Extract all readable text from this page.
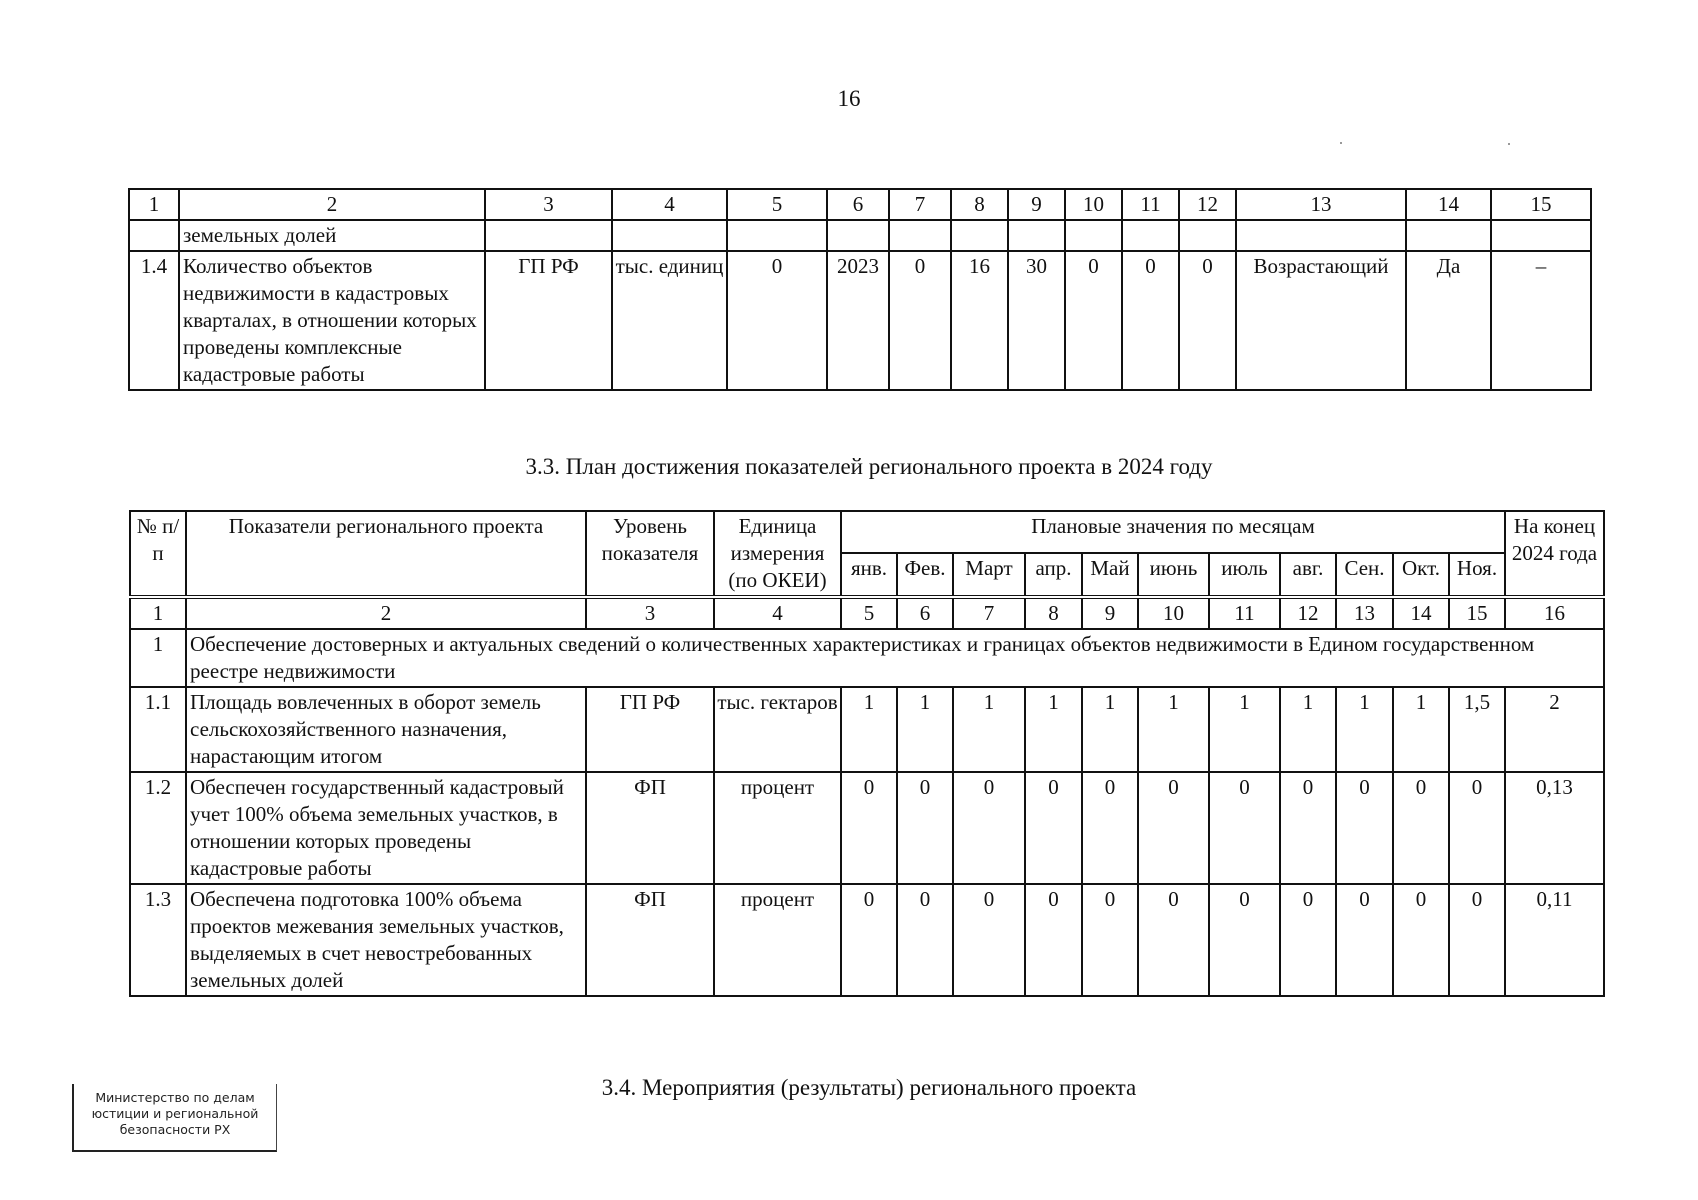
16
1	2	3	4	5	6	7	8	9	10	11	12	13	14	15
	земельных долей													
1.4	Количество объектов недвижимости в кадастровых кварталах, в отношении которых проведены комплексные кадастровые работы	ГП РФ	тыс. единиц	0	2023	0	16	30	0	0	0	Возрастающий	Да	–
3.3. План достижения показателей регионального проекта в 2024 году
№ п/п	Показатели регионального проекта	Уровень показателя	Единица измерения (по ОКЕИ)	Плановые значения по месяцам											На конец 2024 года
				янв.	Фев.	Март	апр.	Май	июнь	июль	авг.	Сен.	Окт.	Ноя.	
1	2	3	4	5	6	7	8	9	10	11	12	13	14	15	16
1	Обеспечение достоверных и актуальных сведений о количественных характеристиках и границах объектов недвижимости в Едином государственном реестре недвижимости														
1.1	Площадь вовлеченных в оборот земель сельскохозяйственного назначения, нарастающим итогом	ГП РФ	тыс. гектаров	1	1	1	1	1	1	1	1	1	1	1,5	2
1.2	Обеспечен государственный кадастровый учет 100% объема земельных участков, в отношении которых проведены кадастровые работы	ФП	процент	0	0	0	0	0	0	0	0	0	0	0	0,13
1.3	Обеспечена подготовка 100% объема проектов межевания земельных участков, выделяемых в счет невостребованных земельных долей	ФП	процент	0	0	0	0	0	0	0	0	0	0	0	0,11
3.4. Мероприятия (результаты) регионального проекта
Министерство по делам
юстиции и региональной
безопасности РХ
